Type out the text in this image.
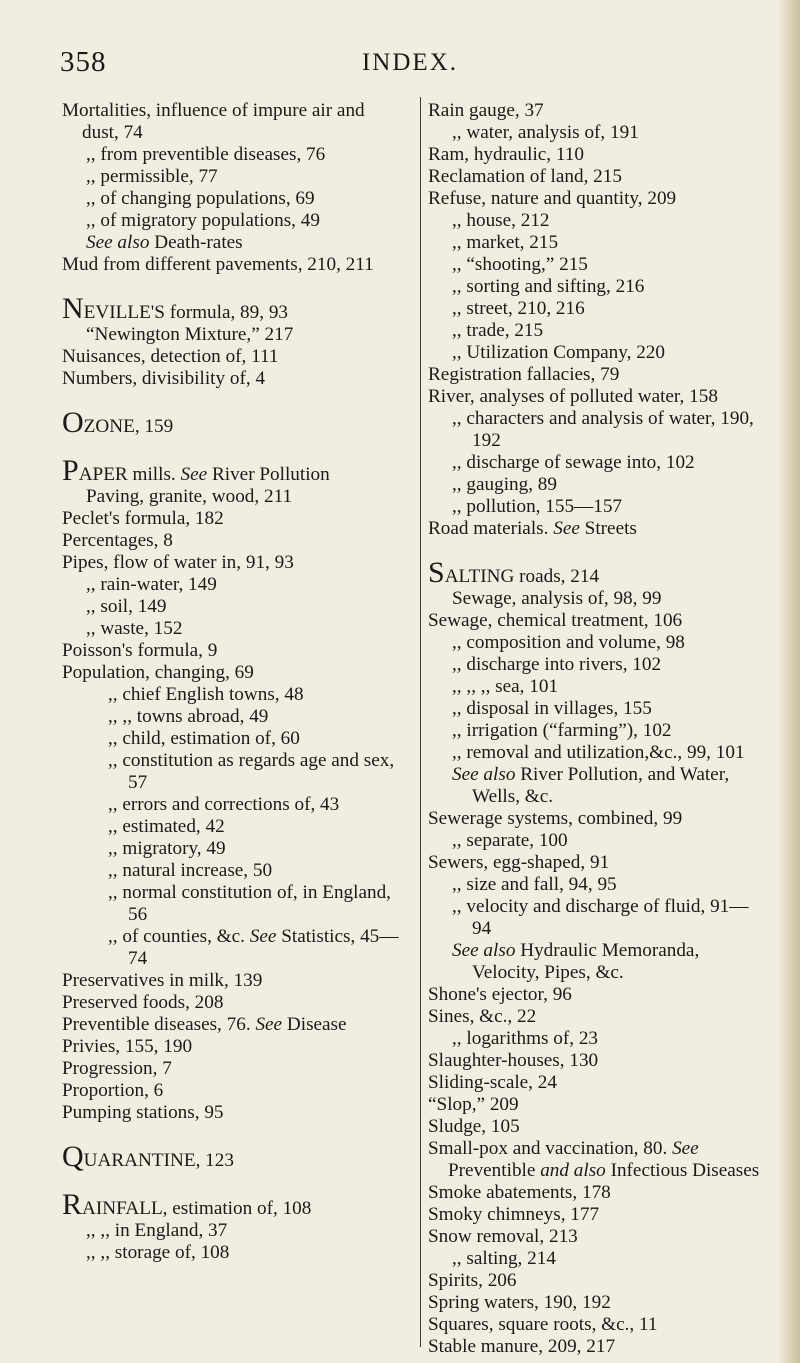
358	INDEX.
Mortalities, influence of impure air and dust, 74
,, from preventible diseases, 76
,, permissible, 77
,, of changing populations, 69
,, of migratory populations, 49
See also Death-rates
Mud from different pavements, 210, 211
NEVILLE'S formula, 89, 93
“Newington Mixture,” 217
Nuisances, detection of, 111
Numbers, divisibility of, 4
OZONE, 159
PAPER mills. See River Pollution
Paving, granite, wood, 211
Peclet's formula, 182
Percentages, 8
Pipes, flow of water in, 91, 93
,, rain-water, 149
,, soil, 149
,, waste, 152
Poisson's formula, 9
Population, changing, 69
,, chief English towns, 48
,, ,, towns abroad, 49
,, child, estimation of, 60
,, constitution as regards age and sex, 57
,, errors and corrections of, 43
,, estimated, 42
,, migratory, 49
,, natural increase, 50
,, normal constitution of, in England, 56
,, of counties, &c. See Statistics, 45—74
Preservatives in milk, 139
Preserved foods, 208
Preventible diseases, 76. See Disease
Privies, 155, 190
Progression, 7
Proportion, 6
Pumping stations, 95
QUARANTINE, 123
RAINFALL, estimation of, 108
,, ,, in England, 37
,, ,, storage of, 108
Rain gauge, 37
,, water, analysis of, 191
Ram, hydraulic, 110
Reclamation of land, 215
Refuse, nature and quantity, 209
,, house, 212
,, market, 215
,, “shooting,” 215
,, sorting and sifting, 216
,, street, 210, 216
,, trade, 215
,, Utilization Company, 220
Registration fallacies, 79
River, analyses of polluted water, 158
,, characters and analysis of water, 190, 192
,, discharge of sewage into, 102
,, gauging, 89
,, pollution, 155—157
Road materials. See Streets
SALTING roads, 214
Sewage, analysis of, 98, 99
Sewage, chemical treatment, 106
,, composition and volume, 98
,, discharge into rivers, 102
,, ,, ,, sea, 101
,, disposal in villages, 155
,, irrigation (“farming”), 102
,, removal and utilization,&c., 99, 101
See also River Pollution, and Water, Wells, &c.
Sewerage systems, combined, 99
,, separate, 100
Sewers, egg-shaped, 91
,, size and fall, 94, 95
,, velocity and discharge of fluid, 91—94
See also Hydraulic Memoranda, Velocity, Pipes, &c.
Shone's ejector, 96
Sines, &c., 22
,, logarithms of, 23
Slaughter-houses, 130
Sliding-scale, 24
“Slop,” 209
Sludge, 105
Small-pox and vaccination, 80. See Preventible and also Infectious Diseases
Smoke abatements, 178
Smoky chimneys, 177
Snow removal, 213
,, salting, 214
Spirits, 206
Spring waters, 190, 192
Squares, square roots, &c., 11
Stable manure, 209, 217
